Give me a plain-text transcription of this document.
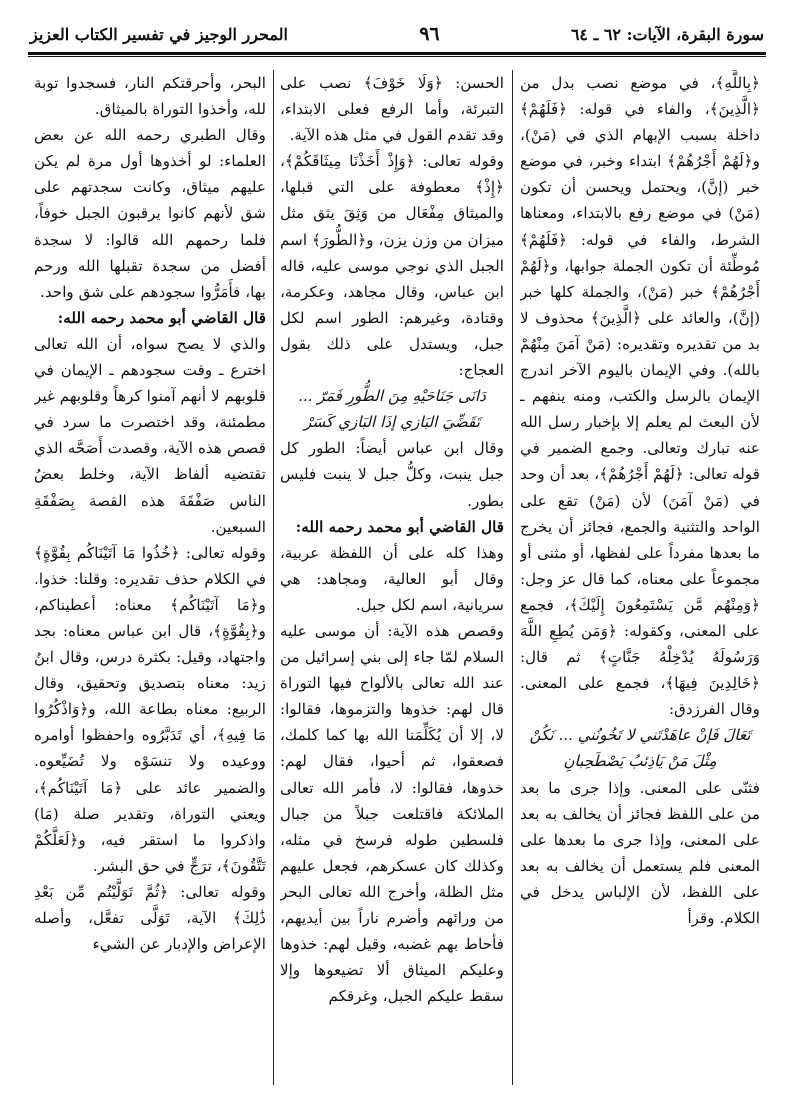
سورة البقرة، الآيات: ٦٢ ـ ٦٤
٩٦
المحرر الوجيز في تفسير الكتاب العزيز

﴿بِاللَّهِ﴾، في موضع نصب بدل من ﴿الَّذِينَ﴾، والفاء في قوله: ﴿فَلَهُمْ﴾ داخلة بسبب الإبهام الذي في (مَنْ)، و﴿لَهُمْ أَجْرُهُمْ﴾ ابتداء وخبر، في موضع خبر (إنَّ)، ويحتمل ويحسن أن تكون (مَنْ) في موضع رفع بالابتداء، ومعناها الشرط، والفاء في قوله: ﴿فَلَهُمْ﴾ مُوطِّئة أن تكون الجملة جوابها، و﴿لَهُمْ أَجْرُهُمْ﴾ خبر (مَنْ)، والجملة كلها خبر (إنَّ)، والعائد على ﴿الَّذِينَ﴾ محذوف لا بد من تقديره وتقديره: (مَنْ آمَنَ مِنْهُمْ بالله). وفي الإيمان باليوم الآخر اندرج الإيمان بالرسل والكتب، ومنه ينفهم ـ لأن البعث لم يعلم إلا بإخبار رسل الله عنه تبارك وتعالى. وجمع الضمير في قوله تعالى: ﴿لَهُمْ أَجْرُهُمْ﴾، بعد أن وحد في (مَنْ آمَنَ) لأن (مَنْ) تقع على الواحد والتثنية والجمع، فجائز أن يخرج ما بعدها مفرداً على لفظها، أو مثنى أو مجموعاً على معناه، كما قال عز وجل: ﴿وَمِنْهُم مَّن يَسْتَمِعُونَ إِلَيْكَ﴾، فجمع على المعنى، وكقوله: ﴿وَمَن يُطِعِ اللَّهَ وَرَسُولَهُ يُدْخِلْهُ جَنَّاتٍ﴾ ثم قال: ﴿خَالِدِينَ فِيهَا﴾، فجمع على المعنى. وقال الفرزدق:

تَعَالَ فَإنْ عاهَدْتَني لا تَخُونُني ... نَكُنْ مِثْلَ مَنْ يَاذِئبُ يَصْطَحِبانِ

فثنّى على المعنى. وإذا جرى ما بعد من على اللفظ فجائز أن يخالف به بعد على المعنى، وإذا جرى ما بعدها على المعنى فلم يستعمل أن يخالف به بعد على اللفظ، لأن الإلباس يدخل في الكلام. وقرأ

الحسن: ﴿وَلَا خَوْفَ﴾ نصب على التبرئة، وأما الرفع فعلى الابتداء، وقد تقدم القول في مثل هذه الآية.

وقوله تعالى: ﴿وَإِذْ أَخَذْنَا مِيثَاقَكُمْ﴾، ﴿إِذْ﴾ معطوفة على التي قبلها، والميثاق مِفْعَال من وَثِقَ يثق مثل ميزان من وزن يزن، و﴿الطُّورَ﴾ اسم الجبل الذي نوجي موسى عليه، قاله ابن عباس، وقال مجاهد، وعكرمة، وقتادة، وغيرهم: الطور اسم لكل جبل، ويستدل على ذلك بقول العجاج:

دَانَى جَنَاحَيْهِ مِنَ الطُّورِ فَمَرّ ... تَقَضِّيَ البَازي إذَا البَازي كَسَرْ

وقال ابن عباس أيضاً: الطور كل جبل ينبت، وكلُّ جبل لا ينبت فليس بطور.

قال القاضي أبو محمد رحمه الله:

وهذا كله على أن اللفظة عربية، وقال أبو العالية، ومجاهد: هي سريانية، اسم لكل جبل.

وقصص هذه الآية: أن موسى عليه السلام لمّا جاء إلى بني إسرائيل من عند الله تعالى بالألواح فيها التوراة قال لهم: خذوها والتزموها، فقالوا: لا، إلا أن يُكَلِّمَنا الله بها كما كلمك، فصعقوا، ثم أحيوا، فقال لهم: خذوها، فقالوا: لا، فأمر الله تعالى الملائكة فاقتلعت جبلاً من جبال فلسطين طوله فرسخ في مثله، وكذلك كان عسكرهم، فجعل عليهم مثل الظلة، وأخرج الله تعالى البحر من ورائهم وأضرم ناراً بين أيديهم، فأحاط بهم غضبه، وقيل لهم: خذوها وعليكم الميثاق ألا تضيعوها وإلا سقط عليكم الجبل، وغرقكم

البحر، وأحرقتكم النار، فسجدوا توبة لله، وأخذوا التوراة بالميثاق.

وقال الطبري رحمه الله عن بعض العلماء: لو أخذوها أول مرة لم يكن عليهم ميثاق، وكانت سجدتهم على شق لأنهم كانوا يرقبون الجبل خوفاً، فلما رحمهم الله قالوا: لا سجدة أفضل من سجدة تقبلها الله ورحم بها، فأَمَرُّوا سجودهم على شق واحد.

قال القاضي أبو محمد رحمه الله:

والذي لا يصح سواه، أن الله تعالى اخترع ـ وقت سجودهم ـ الإيمان في قلوبهم لا أنهم آمنوا كرهاً وقلوبهم غير مطمئنة، وقد اختصرت ما سرد في قصص هذه الآية، وقصدت أَصَحَّه الذي تقتضيه ألفاظ الآية، وخلط بعضُ الناس صَفْقَةَ هذه القصة بِصَفْقَةِ السبعين.

وقوله تعالى: ﴿خُذُوا مَا آتَيْنَاكُم بِقُوَّةٍ﴾ في الكلام حذف تقديره: وقلنا: خذوا. و﴿مَا آتَيْنَاكُم﴾ معناه: أعطيناكم، و﴿بِقُوَّةٍ﴾، قال ابن عباس معناه: بجد واجتهاد، وقيل: بكثرة درس، وقال ابنُ زيد: معناه بتصديق وتحقيق، وقال الربيع: معناه بطاعة الله، و﴿وَاذْكُرُوا مَا فِيهِ﴾، أي تَدَبَّرُوه واحفظوا أوامره ووعيده ولا تنسَوْه ولا تُضَيِّعوه. والضمير عائد على ﴿مَا آتَيْنَاكُم﴾، ويعني التوراة، وتقدير صلة (مَا) واذكروا ما استقر فيه، و﴿لَعَلَّكُمْ تَتَّقُونَ﴾، ترَجٍّ في حق البشر.

وقوله تعالى: ﴿ثُمَّ تَوَلَّيْتُم مِّن بَعْدِ ذَٰلِكَ﴾ الآية، تَوَلَّى تفعَّل، وأصله الإعراض والإدبار عن الشيء
